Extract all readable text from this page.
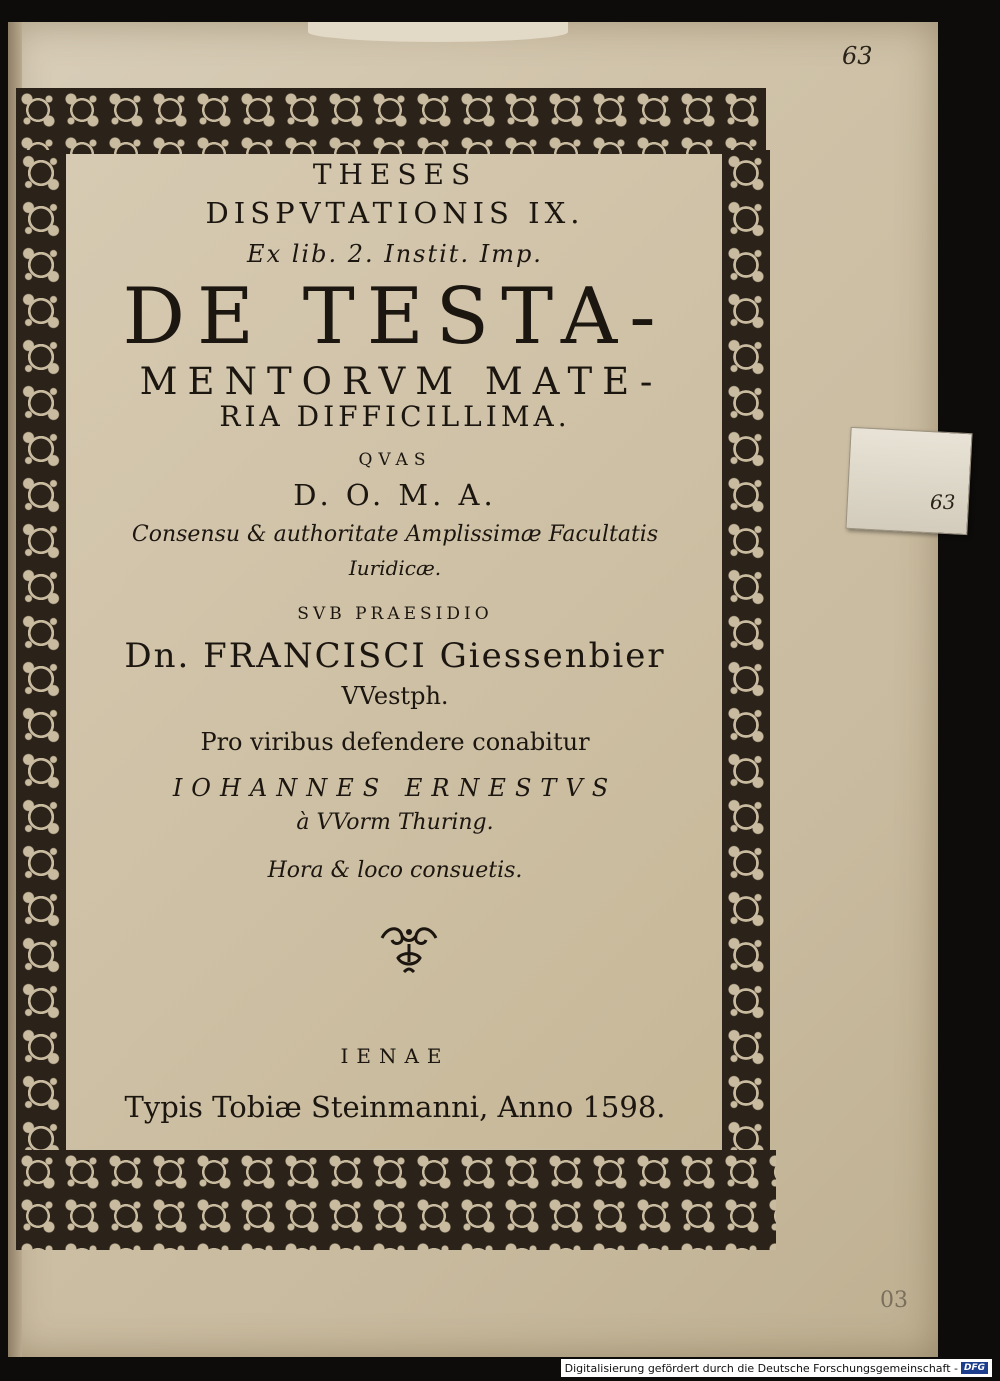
63
63
03

THESES

DISPVTATIONIS IX.

Ex lib. 2. Instit. Imp.

DE TESTA-

MENTORVM MATE-

RIA DIFFICILLIMA.

QVAS

D. O. M. A.

Consensu & authoritate Amplissimæ Facultatis

Iuridicæ.

SVB PRAESIDIO

Dn. FRANCISCI Giessenbier

VVestph.

Pro viribus defendere conabitur

IOHANNES ERNESTVS

à VVorm Thuring.

Hora & loco consuetis.

IENAE

Typis Tobiæ Steinmanni, Anno 1598.

Digitalisierung gefördert durch die Deutsche Forschungsgemeinschaft - DFG
